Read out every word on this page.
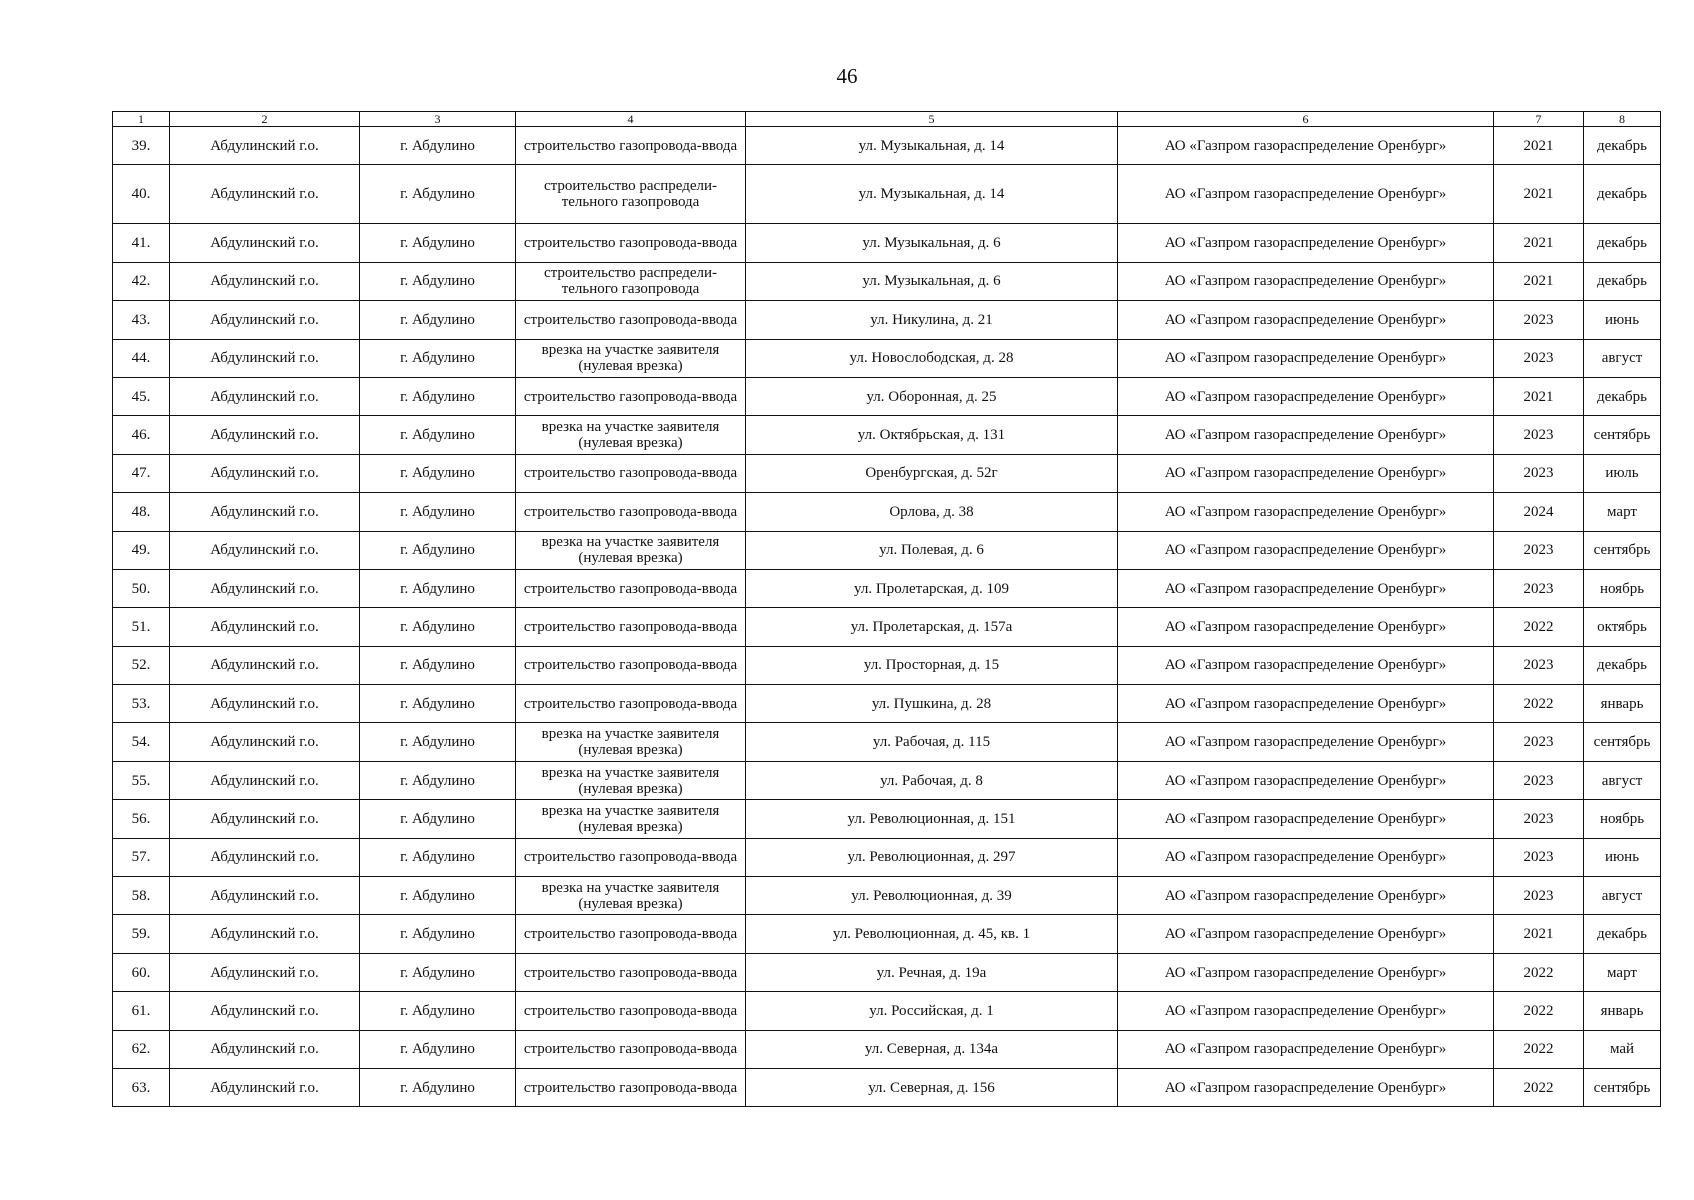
46
1	2	3	4	5	6	7	8
39.	Абдулинский г.о.	г. Абдулино	строительство газопровода-ввода	ул. Музыкальная, д. 14	АО «Газпром газораспределение Оренбург»	2021	декабрь
40.	Абдулинский г.о.	г. Абдулино	строительство распредели-тельного газопровода	ул. Музыкальная, д. 14	АО «Газпром газораспределение Оренбург»	2021	декабрь
41.	Абдулинский г.о.	г. Абдулино	строительство газопровода-ввода	ул. Музыкальная, д. 6	АО «Газпром газораспределение Оренбург»	2021	декабрь
42.	Абдулинский г.о.	г. Абдулино	строительство распредели-тельного газопровода	ул. Музыкальная, д. 6	АО «Газпром газораспределение Оренбург»	2021	декабрь
43.	Абдулинский г.о.	г. Абдулино	строительство газопровода-ввода	ул. Никулина, д. 21	АО «Газпром газораспределение Оренбург»	2023	июнь
44.	Абдулинский г.о.	г. Абдулино	врезка на участке заявителя (нулевая врезка)	ул. Новослободская, д. 28	АО «Газпром газораспределение Оренбург»	2023	август
45.	Абдулинский г.о.	г. Абдулино	строительство газопровода-ввода	ул. Оборонная, д. 25	АО «Газпром газораспределение Оренбург»	2021	декабрь
46.	Абдулинский г.о.	г. Абдулино	врезка на участке заявителя (нулевая врезка)	ул. Октябрьская, д. 131	АО «Газпром газораспределение Оренбург»	2023	сентябрь
47.	Абдулинский г.о.	г. Абдулино	строительство газопровода-ввода	Оренбургская, д. 52г	АО «Газпром газораспределение Оренбург»	2023	июль
48.	Абдулинский г.о.	г. Абдулино	строительство газопровода-ввода	Орлова, д. 38	АО «Газпром газораспределение Оренбург»	2024	март
49.	Абдулинский г.о.	г. Абдулино	врезка на участке заявителя (нулевая врезка)	ул. Полевая, д. 6	АО «Газпром газораспределение Оренбург»	2023	сентябрь
50.	Абдулинский г.о.	г. Абдулино	строительство газопровода-ввода	ул. Пролетарская, д. 109	АО «Газпром газораспределение Оренбург»	2023	ноябрь
51.	Абдулинский г.о.	г. Абдулино	строительство газопровода-ввода	ул. Пролетарская, д. 157а	АО «Газпром газораспределение Оренбург»	2022	октябрь
52.	Абдулинский г.о.	г. Абдулино	строительство газопровода-ввода	ул. Просторная, д. 15	АО «Газпром газораспределение Оренбург»	2023	декабрь
53.	Абдулинский г.о.	г. Абдулино	строительство газопровода-ввода	ул. Пушкина, д. 28	АО «Газпром газораспределение Оренбург»	2022	январь
54.	Абдулинский г.о.	г. Абдулино	врезка на участке заявителя (нулевая врезка)	ул. Рабочая, д. 115	АО «Газпром газораспределение Оренбург»	2023	сентябрь
55.	Абдулинский г.о.	г. Абдулино	врезка на участке заявителя (нулевая врезка)	ул. Рабочая, д. 8	АО «Газпром газораспределение Оренбург»	2023	август
56.	Абдулинский г.о.	г. Абдулино	врезка на участке заявителя (нулевая врезка)	ул. Революционная, д. 151	АО «Газпром газораспределение Оренбург»	2023	ноябрь
57.	Абдулинский г.о.	г. Абдулино	строительство газопровода-ввода	ул. Революционная, д. 297	АО «Газпром газораспределение Оренбург»	2023	июнь
58.	Абдулинский г.о.	г. Абдулино	врезка на участке заявителя (нулевая врезка)	ул. Революционная, д. 39	АО «Газпром газораспределение Оренбург»	2023	август
59.	Абдулинский г.о.	г. Абдулино	строительство газопровода-ввода	ул. Революционная, д. 45, кв. 1	АО «Газпром газораспределение Оренбург»	2021	декабрь
60.	Абдулинский г.о.	г. Абдулино	строительство газопровода-ввода	ул. Речная, д. 19а	АО «Газпром газораспределение Оренбург»	2022	март
61.	Абдулинский г.о.	г. Абдулино	строительство газопровода-ввода	ул. Российская, д. 1	АО «Газпром газораспределение Оренбург»	2022	январь
62.	Абдулинский г.о.	г. Абдулино	строительство газопровода-ввода	ул. Северная, д. 134а	АО «Газпром газораспределение Оренбург»	2022	май
63.	Абдулинский г.о.	г. Абдулино	строительство газопровода-ввода	ул. Северная, д. 156	АО «Газпром газораспределение Оренбург»	2022	сентябрь
